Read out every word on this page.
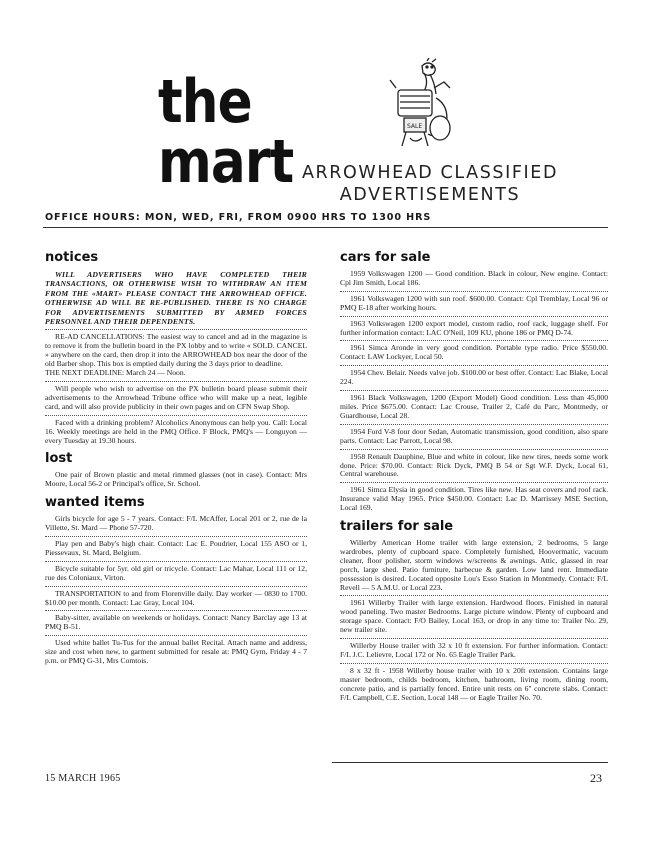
the mart
SALE
ARROWHEAD CLASSIFIED
ADVERTISEMENTS
OFFICE HOURS: MON, WED, FRI, FROM 0900 HRS TO 1300 HRS
notices

WILL ADVERTISERS WHO HAVE COMPLETED THEIR TRANSACTIONS, OR OTHERWISE WISH TO WITHDRAW AN ITEM FROM THE «MART» PLEASE CONTACT THE ARROWHEAD OFFICE. OTHERWISE AD WILL BE RE-PUBLISHED. THERE IS NO CHARGE FOR ADVERTISEMENTS SUBMITTED BY ARMED FORCES PERSONNEL AND THEIR DEPENDENTS.

RE-AD CANCELLATIONS: The easiest way to cancel and ad in the magazine is to remove it from the bulletin board in the PX lobby and to write « SOLD. CANCEL » anywhere on the card, then drop it into the ARROWHEAD box near the door of the old Barber shop. This box is emptied daily during the 3 days prior to deadline.

THE NEXT DEADLINE: March 24 — Noon.

Will people who wish to advertise on the PX bulletin board please submit their advertisements to the Arrowhead Tribune office who will make up a neat, legible card, and will also provide publicity in their own pages and on CFN Swap Shop.

Faced with a drinking problem? Alcoholics Anonymous can help you. Call: Local 16. Weekly meetings are held in the PMQ Office. F Block, PMQ's — Longuyon — every Tuesday at 19.30 hours.

lost

One pair of Brown plastic and metal rimmed glasses (not in case). Contact: Mrs Moore, Local 56-2 or Principal's office, Sr. School.

wanted items

Girls bicycle for age 5 - 7 years. Contact: F/L McAffer, Local 201 or 2, rue de la Villette, St. Mard — Phone 57-720.

Play pen and Baby's high chair. Contact: Lac E. Poudrier, Local 155 ASO or 1, Piessevaux, St. Mard, Belgium.

Bicycle suitable for 5yr. old girl or tricycle. Contact: Lac Mahar, Local 111 or 12, rue des Coloniaux, Virton.

TRANSPORTATION to and from Florenville daily. Day worker — 0830 to 1700. $10.00 per month. Contact: Lac Gray, Local 104.

Baby-sitter, available on weekends or holidays. Contact: Nancy Barclay age 13 at PMQ B-51.

Used white ballet Tu-Tus for the annual ballet Recital. Attach name and address, size and cost when new, to garment submitted for resale at: PMQ Gym, Friday 4 - 7 p.m. or PMQ G-31, Mrs Comtois.

cars for sale

1959 Volkswagen 1200 — Good condition. Black in colour, New engine. Contact: Cpl Jim Smith, Local 186.

1961 Volkswagen 1200 with sun roof. $600.00. Contact: Cpl Tremblay, Local 96 or PMQ E-18 after working hours.

1963 Volkswagen 1200 export model, custom radio, roof rack, luggage shelf. For further information contact: LAC O'Neil, 109 KU, phone 186 or PMQ D-74.

1961 Simca Aronde in very good condition. Portable type radio. Price $550.00. Contact: LAW Lockyer, Local 50.

1954 Chev. Belair. Needs valve job. $100.00 or best offer. Contact: Lac Blake, Local 224.

1961 Black Volkswagen, 1200 (Export Model) Good condition. Less than 45,000 miles. Price $675.00. Contact: Lac Crouse, Trailer 2, Café du Parc, Montmedy, or Guardhouse, Local 28.

1954 Ford V-8 four door Sedan, Automatic transmission, good condition, also spare parts. Contact: Lac Parrott, Local 98.

1958 Renault Dauphine, Blue and white in colour, like new tires, needs some work done. Price: $70.00. Contact: Rick Dyck, PMQ B 54 or Sgt W.F. Dyck, Local 61, Central warehouse.

1961 Simca Elysia in good condition. Tires like new. Has seat covers and roof rack. Insurance valid May 1965. Price $450.00. Contact: Lac D. Marrissey MSE Section, Local 169.

trailers for sale

Willerby American Home trailer with large extension, 2 bedrooms, 5 large wardrobes, plenty of cupboard space. Completely furnished, Hoovermatic, vacuum cleaner, floor polisher, storm windows w/screens & awnings. Attic, glassed in rear porch, large shed. Patio furniture, barbecue & garden. Low land rent. Immediate possession is desired. Located opposite Lou's Esso Station in Montmedy. Contact: F/L Revell — 5 A.M.U. or Local 223.

1961 Willerby Trailer with large extension. Hardwood floors. Finished in natural wood paneling. Two master Bedrooms. Large picture window. Plenty of cupboard and storage space. Contact: F/O Bailey, Local 163, or drop in any time to: Trailer No. 29, new trailer site.

Willerby House trailer with 32 x 10 ft extension. For further information. Contact: F/L J.C. Lelievre, Local 172 or No. 65 Eagle Trailer Park.

8 x 32 ft - 1958 Willerby house trailer with 10 x 20ft extension. Contains large master bedroom, childs bedroom, kitchen, bathroom, living room, dining room, concrete patio, and is partially fenced. Entire unit rests on 6" concrete slabs. Contact: F/L Campbell, C.E. Section, Local 148 — or Eagle Trailer No. 70.

15 MARCH 1965	23
